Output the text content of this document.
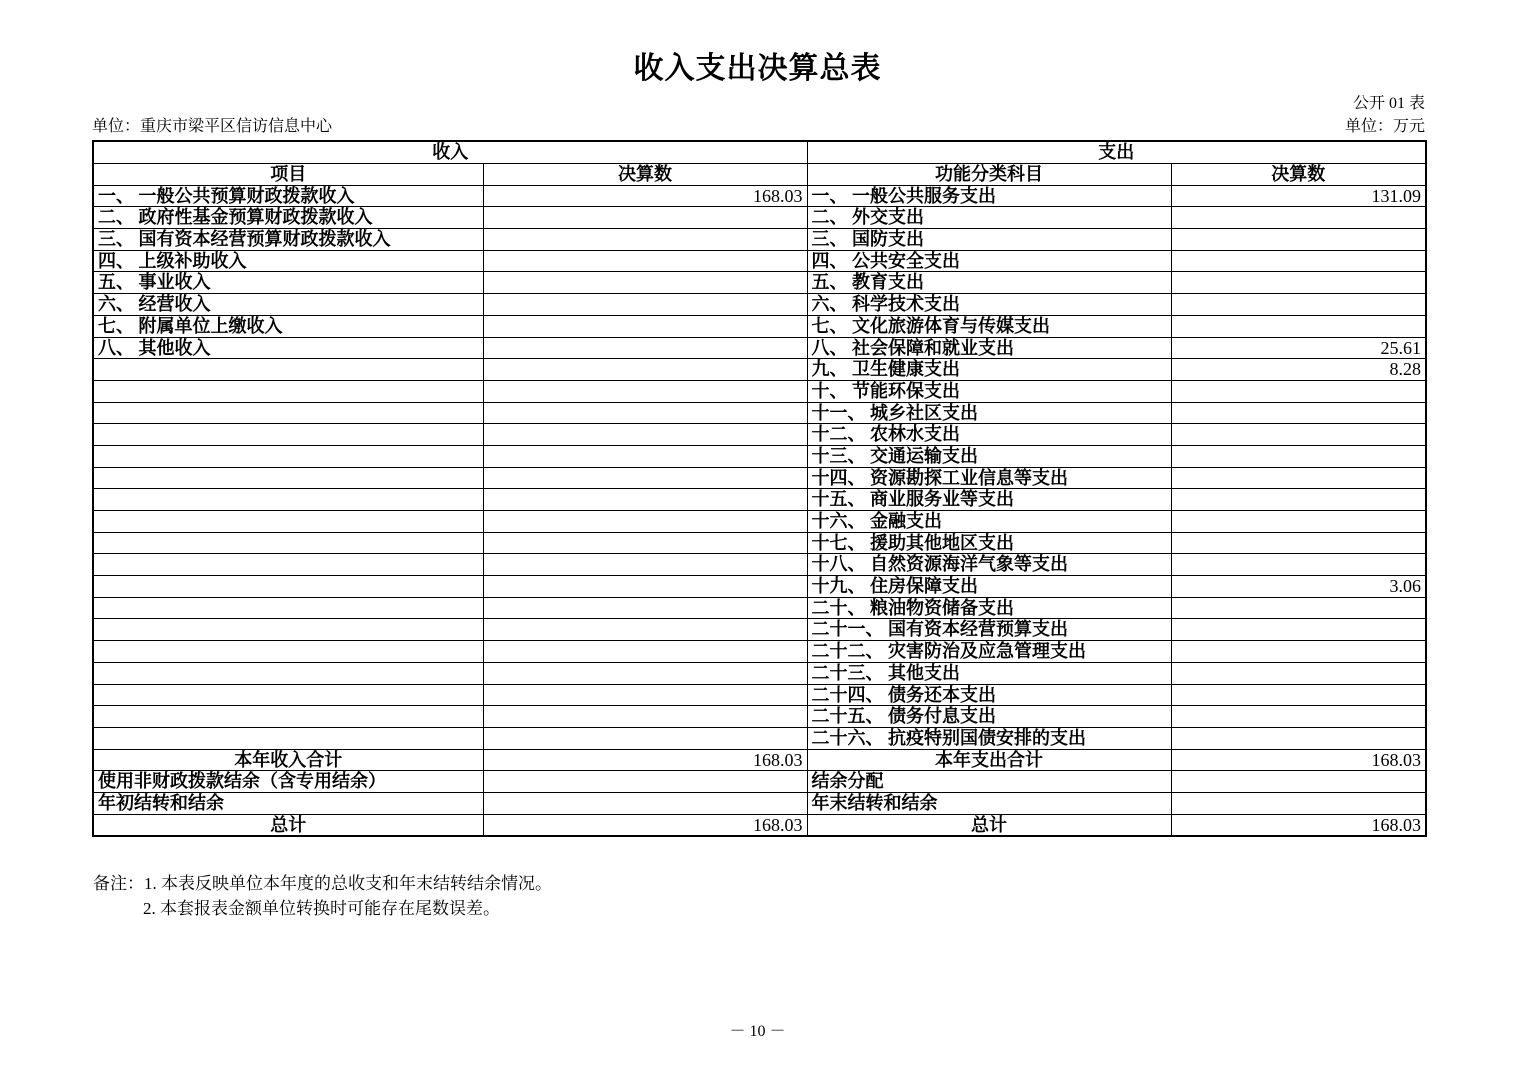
收入支出决算总表
公开 01 表
单位：重庆市梁平区信访信息中心	单位：万元
收入		支出	
项目	决算数	功能分类科目	决算数
一、 一般公共预算财政拨款收入	168.03	一、 一般公共服务支出	131.09
二、 政府性基金预算财政拨款收入		二、 外交支出	
三、 国有资本经营预算财政拨款收入		三、 国防支出	
四、 上级补助收入		四、 公共安全支出	
五、 事业收入		五、 教育支出	
六、 经营收入		六、 科学技术支出	
七、 附属单位上缴收入		七、 文化旅游体育与传媒支出	
八、 其他收入		八、 社会保障和就业支出	25.61
		九、 卫生健康支出	8.28
		十、 节能环保支出	
		十一、 城乡社区支出	
		十二、 农林水支出	
		十三、 交通运输支出	
		十四、 资源勘探工业信息等支出	
		十五、 商业服务业等支出	
		十六、 金融支出	
		十七、 援助其他地区支出	
		十八、 自然资源海洋气象等支出	
		十九、 住房保障支出	3.06
		二十、 粮油物资储备支出	
		二十一、 国有资本经营预算支出	
		二十二、 灾害防治及应急管理支出	
		二十三、 其他支出	
		二十四、 债务还本支出	
		二十五、 债务付息支出	
		二十六、 抗疫特别国债安排的支出	
本年收入合计	168.03	本年支出合计	168.03
使用非财政拨款结余（含专用结余）		结余分配	
年初结转和结余		年末结转和结余	
总计	168.03	总计	168.03
备注：1. 本表反映单位本年度的总收支和年末结转结余情况。
2. 本套报表金额单位转换时可能存在尾数误差。
－ 10 －
